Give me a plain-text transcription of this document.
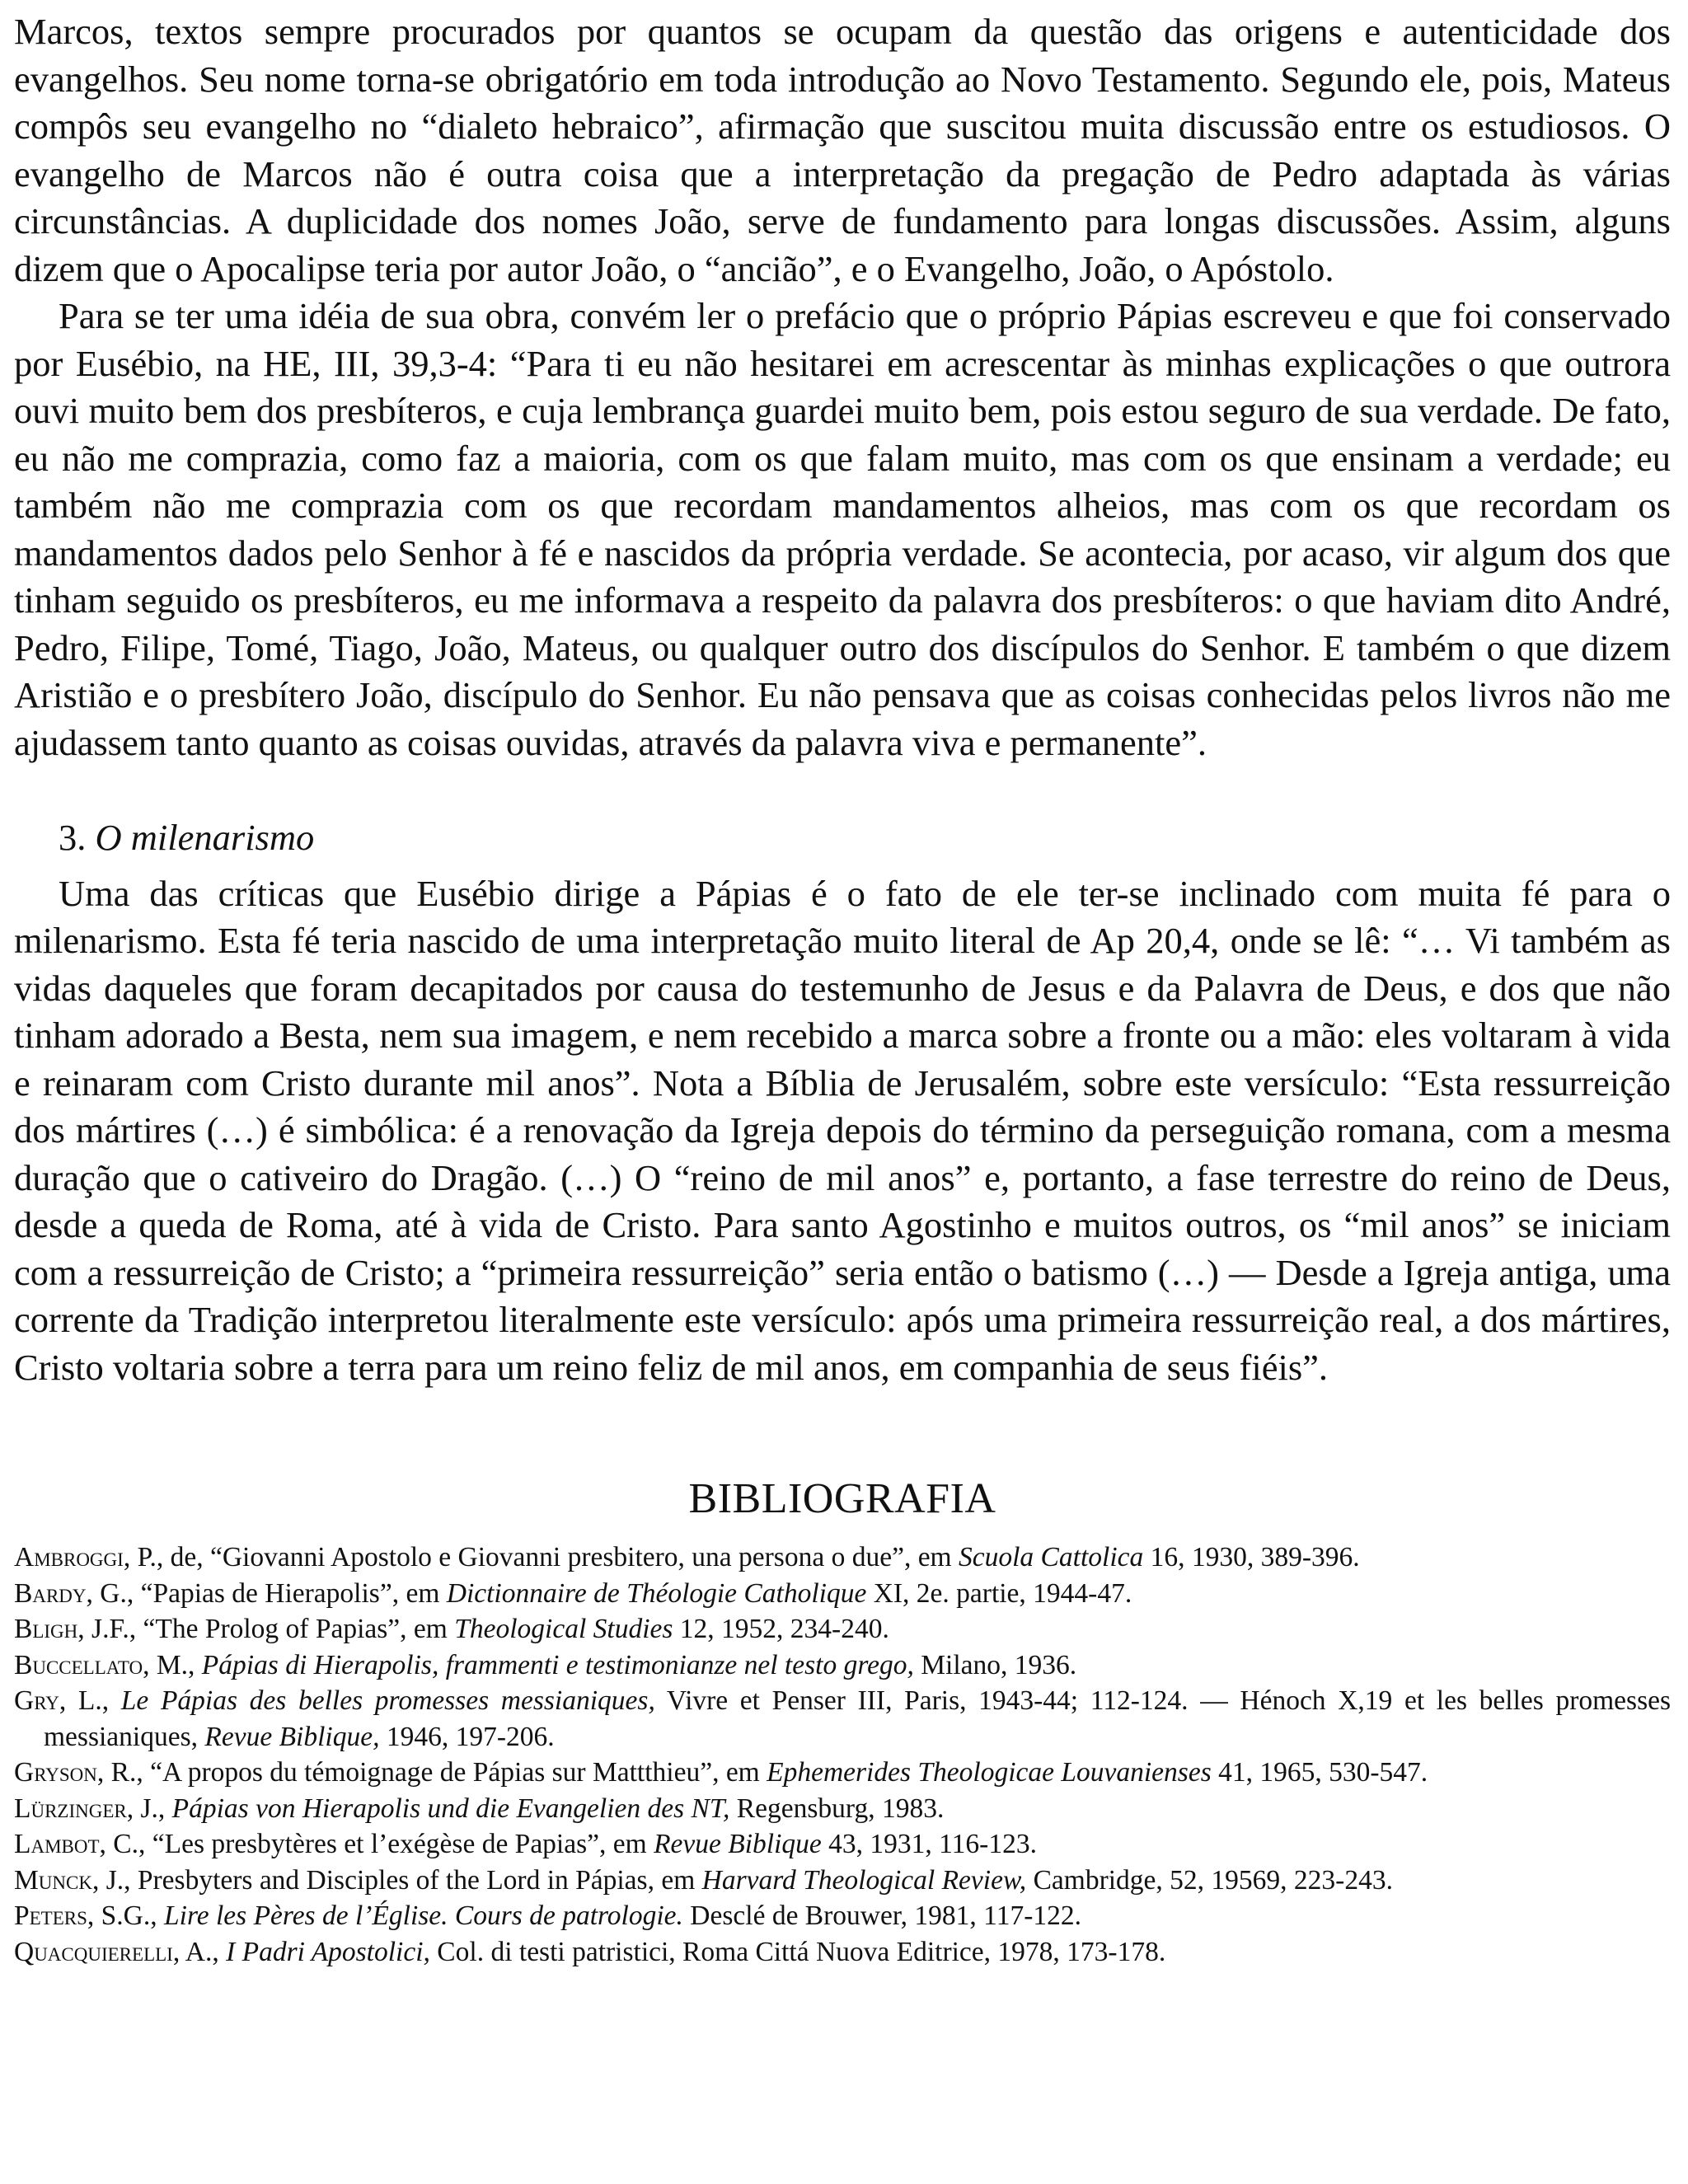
Marcos, textos sempre procurados por quantos se ocupam da questão das origens e autenticidade dos evangelhos. Seu nome torna-se obrigatório em toda introdução ao Novo Testamento. Segundo ele, pois, Mateus compôs seu evangelho no “dialeto hebraico”, afirmação que suscitou muita discussão entre os estudiosos. O evangelho de Marcos não é outra coisa que a interpretação da pregação de Pedro adaptada às várias circunstâncias. A duplicidade dos nomes João, serve de fundamento para longas discussões. Assim, alguns dizem que o Apocalipse teria por autor João, o “ancião”, e o Evangelho, João, o Apóstolo.

Para se ter uma idéia de sua obra, convém ler o prefácio que o próprio Pápias escreveu e que foi conservado por Eusébio, na HE, III, 39,3-4: “Para ti eu não hesitarei em acrescentar às minhas explicações o que outrora ouvi muito bem dos presbíteros, e cuja lembrança guardei muito bem, pois estou seguro de sua verdade. De fato, eu não me comprazia, como faz a maioria, com os que falam muito, mas com os que ensinam a verdade; eu também não me comprazia com os que recordam mandamentos alheios, mas com os que recordam os mandamentos dados pelo Senhor à fé e nascidos da própria verdade. Se acontecia, por acaso, vir algum dos que tinham seguido os presbíteros, eu me informava a respeito da palavra dos presbíteros: o que haviam dito André, Pedro, Filipe, Tomé, Tiago, João, Mateus, ou qualquer outro dos discípulos do Senhor. E também o que dizem Aristião e o presbítero João, discípulo do Senhor. Eu não pensava que as coisas conhecidas pelos livros não me ajudassem tanto quanto as coisas ouvidas, através da palavra viva e permanente”.

3. O milenarismo

Uma das críticas que Eusébio dirige a Pápias é o fato de ele ter-se inclinado com muita fé para o milenarismo. Esta fé teria nascido de uma interpretação muito literal de Ap 20,4, onde se lê: “… Vi também as vidas daqueles que foram decapitados por causa do testemunho de Jesus e da Palavra de Deus, e dos que não tinham adorado a Besta, nem sua imagem, e nem recebido a marca sobre a fronte ou a mão: eles voltaram à vida e reinaram com Cristo durante mil anos”. Nota a Bíblia de Jerusalém, sobre este versículo: “Esta ressurreição dos mártires (…) é simbólica: é a renovação da Igreja depois do término da perseguição romana, com a mesma duração que o cativeiro do Dragão. (…) O “reino de mil anos” e, portanto, a fase terrestre do reino de Deus, desde a queda de Roma, até à vida de Cristo. Para santo Agostinho e muitos outros, os “mil anos” se iniciam com a ressurreição de Cristo; a “primeira ressurreição” seria então o batismo (…) — Desde a Igreja antiga, uma corrente da Tradição interpretou literalmente este versículo: após uma primeira ressurreição real, a dos mártires, Cristo voltaria sobre a terra para um reino feliz de mil anos, em companhia de seus fiéis”.

BIBLIOGRAFIA
Ambroggi, P., de, “Giovanni Apostolo e Giovanni presbitero, una persona o due”, em Scuola Cattolica 16, 1930, 389-396.
Bardy, G., “Papias de Hierapolis”, em Dictionnaire de Théologie Catholique XI, 2e. partie, 1944-47.
Bligh, J.F., “The Prolog of Papias”, em Theological Studies 12, 1952, 234-240.
Buccellato, M., Pápias di Hierapolis, frammenti e testimonianze nel testo grego, Milano, 1936.
Gry, L., Le Pápias des belles promesses messianiques, Vivre et Penser III, Paris, 1943-44; 112-124. — Hénoch X,19 et les belles promesses messianiques, Revue Biblique, 1946, 197-206.
Gryson, R., “A propos du témoignage de Pápias sur Mattthieu”, em Ephemerides Theologicae Louvanienses 41, 1965, 530-547.
Lürzinger, J., Pápias von Hierapolis und die Evangelien des NT, Regensburg, 1983.
Lambot, C., “Les presbytères et l’exégèse de Papias”, em Revue Biblique 43, 1931, 116-123.
Munck, J., Presbyters and Disciples of the Lord in Pápias, em Harvard Theological Review, Cambridge, 52, 19569, 223-243.
Peters, S.G., Lire les Pères de l’Église. Cours de patrologie. Desclé de Brouwer, 1981, 117-122.
Quacquierelli, A., I Padri Apostolici, Col. di testi patristici, Roma Cittá Nuova Editrice, 1978, 173-178.
